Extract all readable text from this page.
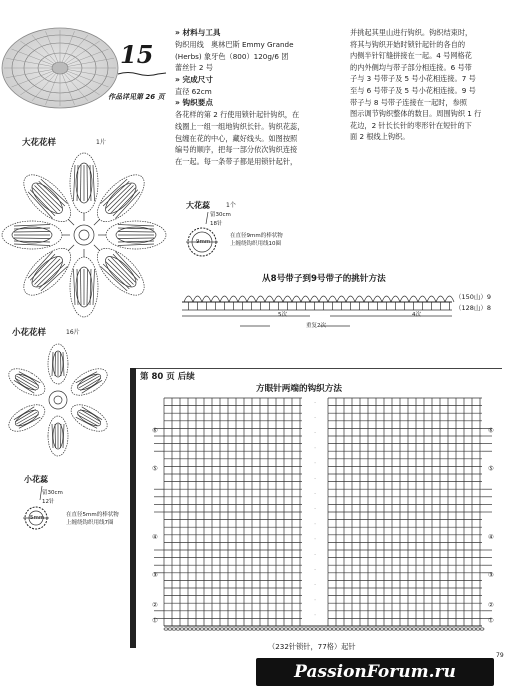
15
作品详见第 26 页
» 材料与工具
钩织用线　奥林巴斯 Emmy Grande
(Herbs) 象牙色（800）120g/6 团
蕾丝针 2 号
» 完成尺寸
直径 62cm
» 钩织要点
各花样的第 2 行使用锁针起针钩织，在
线圈上一组一组地钩织长针。钩织花蕊，
包缠在花的中心，藏好线头。如图按照
编号的顺序，把每一部分依次钩织连接
在一起。每一条带子都是用锁针起针，
并挑起其里山进行钩织。钩织结束时，
将其与钩织开始时锁针起针的各自的
内侧半针钉缝拼接在一起。4 号网格花
的内外侧均与带子部分相连接。6 号带
子与 3 号带子及 5 号小花相连接。7 号
至与 6 号带子及 5 号小花相连接。9 号
带子与 8 号带子连接在一起时，参照
图示调节钩织整体的数目。周围钩织 1 行
花边，2 针长长针的枣形针在短针的下
面 2 根线上钩织。
大花花样	1片
大花蕊	1个
留30cm
18针
9mm
在直径9mm的棒状物
上缠绕钩织用线10圈
小花花样	16片
小花蕊
留30cm
12针
5mm	在直径5mm的棒状物
上缠绕钩织用线7圈
从8号带子到9号带子的挑针方法
（150山）9
（128山）8
5次	4次
重复2次
第 80 页 后续
方眼针两端的钩织方法
·
·
·
·
·
·
·
·
·
·
·
·
·
·
·
⑥	⑥
⑤	⑤
④	④
③	③
②	②
①	①
（232针锁针，77格）起针
PassionForum.ru
79
